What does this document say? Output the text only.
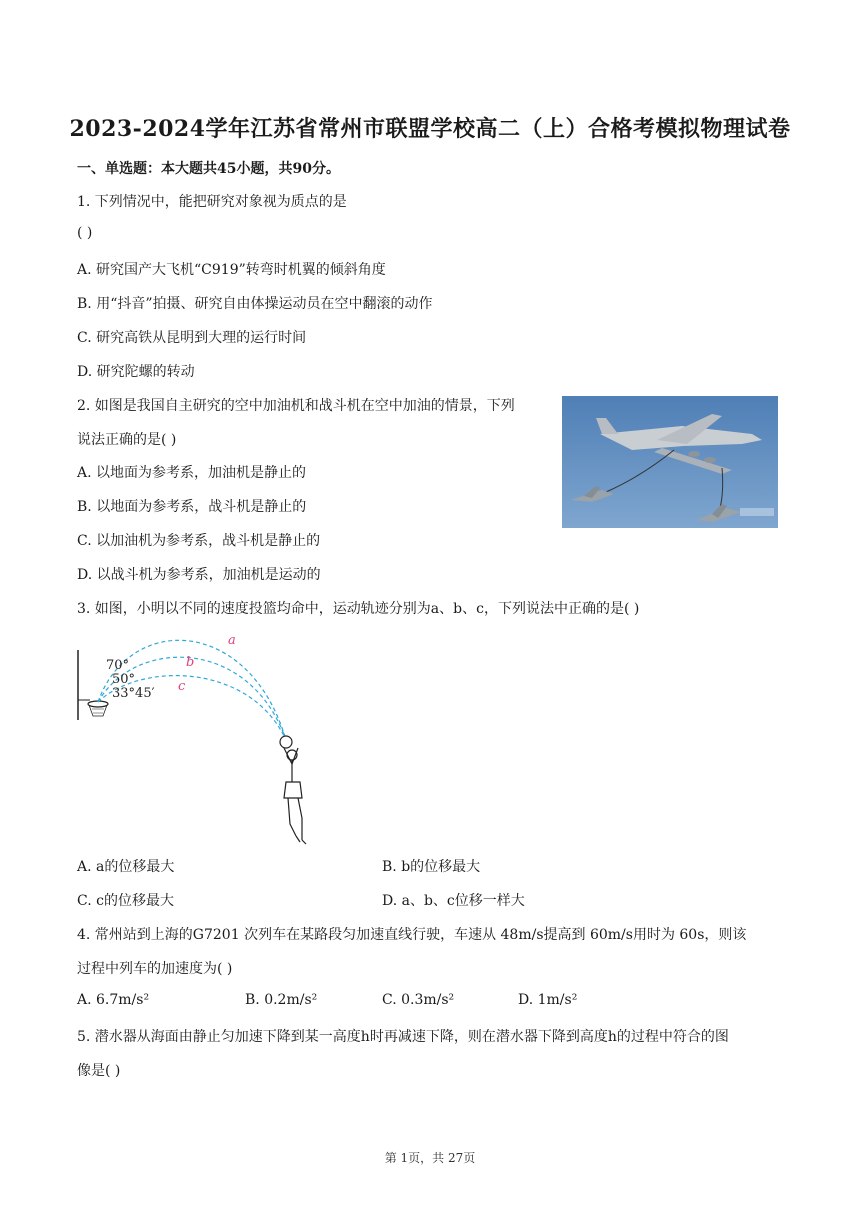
2023-2024学年江苏省常州市联盟学校高二（上）合格考模拟物理试卷
一、单选题：本大题共45小题，共90分。
1. 下列情况中，能把研究对象视为质点的是
( )
A. 研究国产大飞机“C919”转弯时机翼的倾斜角度
B. 用“抖音”拍摄、研究自由体操运动员在空中翻滚的动作
C. 研究高铁从昆明到大理的运行时间
D. 研究陀螺的转动
2. 如图是我国自主研究的空中加油机和战斗机在空中加油的情景，下列
说法正确的是( )
A. 以地面为参考系，加油机是静止的
B. 以地面为参考系，战斗机是静止的
C. 以加油机为参考系，战斗机是静止的
D. 以战斗机为参考系，加油机是运动的
3. 如图，小明以不同的速度投篮均命中，运动轨迹分别为a、b、c，下列说法中正确的是( )
70°
50°
33°45′
a
b
c
A. a的位移最大	B. b的位移最大
C. c的位移最大	D. a、b、c位移一样大
4. 常州站到上海的G7201 次列车在某路段匀加速直线行驶，车速从 48m/s提高到 60m/s用时为 60s，则该
过程中列车的加速度为( )
A. 6.7m/s²	B. 0.2m/s²	C. 0.3m/s²	D. 1m/s²
5. 潜水器从海面由静止匀加速下降到某一高度h时再减速下降，则在潜水器下降到高度h的过程中符合的图
像是( )
第 1页，共 27页
